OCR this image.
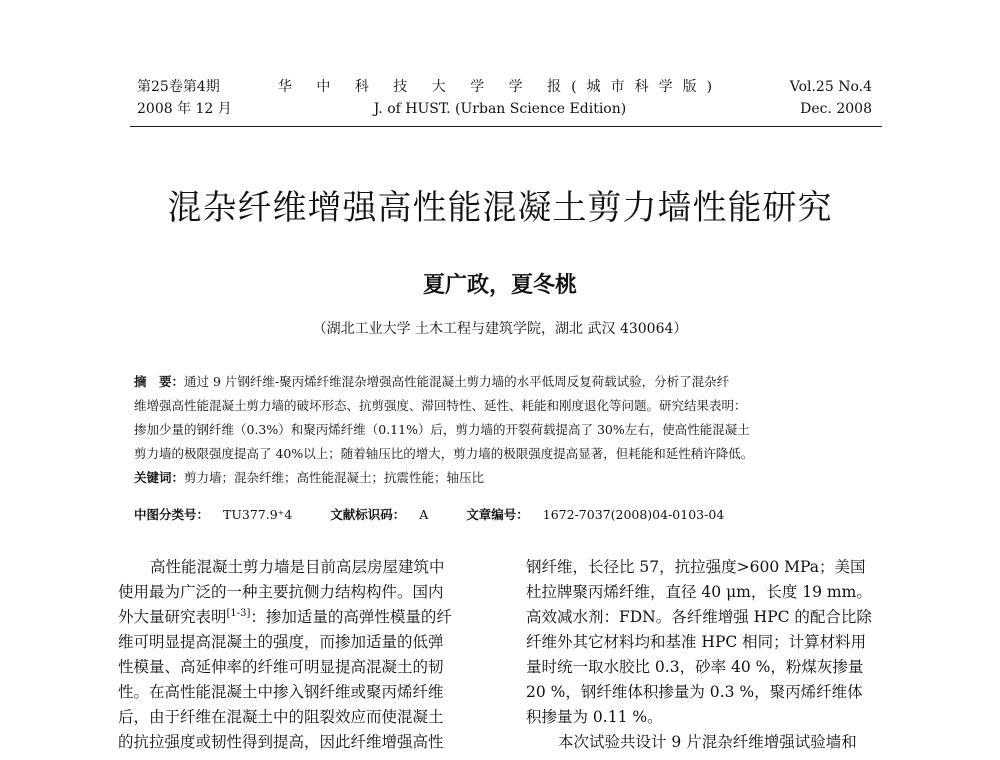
第25卷第4期
2008 年 12 月
华 中 科 技 大 学 学 报(城市科学版)
J. of HUST. (Urban Science Edition)
Vol.25 No.4
Dec. 2008
混杂纤维增强高性能混凝土剪力墙性能研究
夏广政，夏冬桃
（湖北工业大学 土木工程与建筑学院，湖北 武汉 430064）
摘　要：通过 9 片钢纤维-聚丙烯纤维混杂增强高性能混凝土剪力墙的水平低周反复荷载试验，分析了混杂纤
维增强高性能混凝土剪力墙的破坏形态、抗剪强度、滞回特性、延性、耗能和刚度退化等问题。研究结果表明：
掺加少量的钢纤维（0.3%）和聚丙烯纤维（0.11%）后，剪力墙的开裂荷载提高了 30%左右，使高性能混凝土
剪力墙的极限强度提高了 40%以上；随着轴压比的增大，剪力墙的极限强度提高显著，但耗能和延性稍许降低。
关键词：剪力墙；混杂纤维；高性能混凝土；抗震性能；轴压比
中图分类号： TU377.9⁺4	文献标识码： A	文章编号： 1672-7037(2008)04-0103-04
高性能混凝土剪力墙是目前高层房屋建筑中
使用最为广泛的一种主要抗侧力结构构件。国内
外大量研究表明[1-3]：掺加适量的高弹性模量的纤
维可明显提高混凝土的强度，而掺加适量的低弹
性模量、高延伸率的纤维可明显提高混凝土的韧
性。在高性能混凝土中掺入钢纤维或聚丙烯纤维
后，由于纤维在混凝土中的阻裂效应而使混凝土
的抗拉强度或韧性得到提高，因此纤维增强高性
钢纤维，长径比 57，抗拉强度>600 MPa；美国
杜拉牌聚丙烯纤维，直径 40 μm，长度 19 mm。
高效减水剂：FDN。各纤维增强 HPC 的配合比除
纤维外其它材料均和基准 HPC 相同；计算材料用
量时统一取水胶比 0.3，砂率 40 %，粉煤灰掺量
20 %，钢纤维体积掺量为 0.3 %，聚丙烯纤维体
积掺量为 0.11 %。
本次试验共设计 9 片混杂纤维增强试验墙和
